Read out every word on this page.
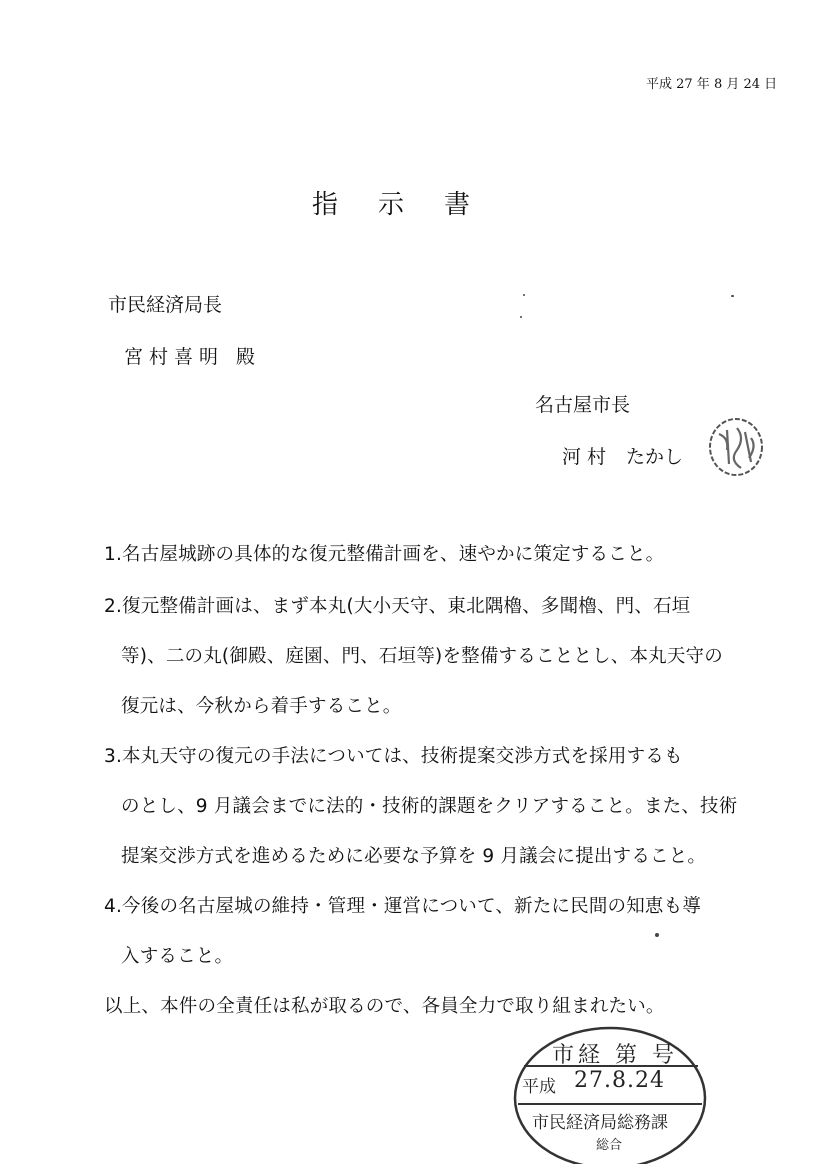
平成 27 年 8 月 24 日
指示書
市民経済局長
宮村喜明 殿
名古屋市長
河 村 たかし
1.名古屋城跡の具体的な復元整備計画を、速やかに策定すること。
2.復元整備計画は、まず本丸(大小天守、東北隅櫓、多聞櫓、門、石垣
等)、二の丸(御殿、庭園、門、石垣等)を整備することとし、本丸天守の
復元は、今秋から着手すること。
3.本丸天守の復元の手法については、技術提案交渉方式を採用するも
のとし、9 月議会までに法的・技術的課題をクリアすること。また、技術
提案交渉方式を進めるために必要な予算を 9 月議会に提出すること。
4.今後の名古屋城の維持・管理・運営について、新たに民間の知恵も導
入すること。
以上、本件の全責任は私が取るので、各員全力で取り組まれたい。
市経 第 号
平成 27.8.24
市民経済局総務課
総合
